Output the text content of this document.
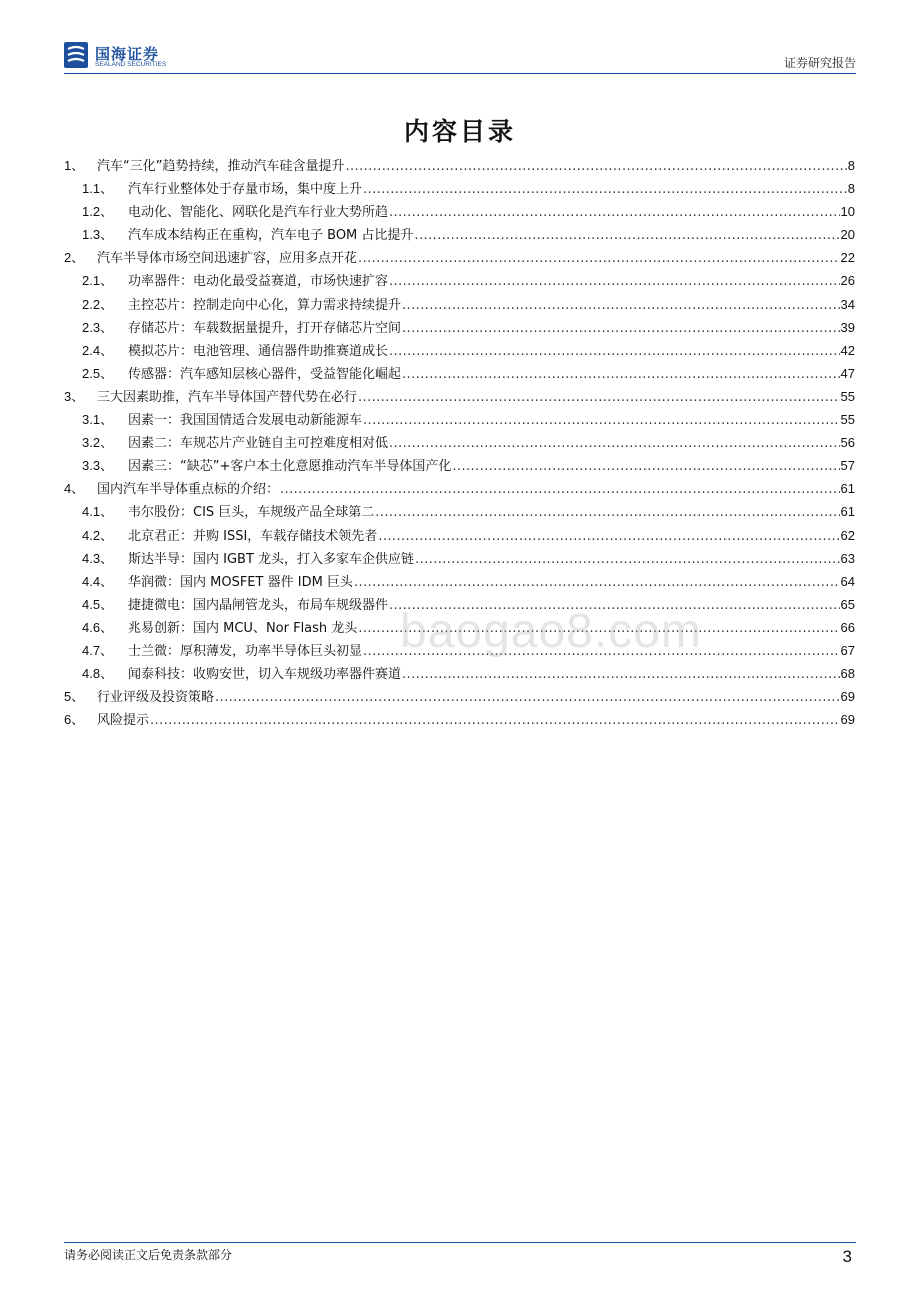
国海证券
SEALAND SECURITIES	证券研究报告
内容目录
1、 汽车“三化”趋势持续，推动汽车硅含量提升 .....	8
1.1、	汽车行业整体处于存量市场，集中度上升 .....	8
1.2、	电动化、智能化、网联化是汽车行业大势所趋 .....	10
1.3、	汽车成本结构正在重构，汽车电子 BOM 占比提升 .....	20
2、 汽车半导体市场空间迅速扩容，应用多点开花 .....	22
2.1、	功率器件：电动化最受益赛道，市场快速扩容 .....	26
2.2、	主控芯片：控制走向中心化，算力需求持续提升 .....	34
2.3、	存储芯片：车载数据量提升，打开存储芯片空间 .....	39
2.4、	模拟芯片：电池管理、通信器件助推赛道成长 .....	42
2.5、	传感器：汽车感知层核心器件，受益智能化崛起 .....	47
3、 三大因素助推，汽车半导体国产替代势在必行 .....	55
3.1、	因素一：我国国情适合发展电动新能源车 .....	55
3.2、	因素二：车规芯片产业链自主可控难度相对低 .....	56
3.3、	因素三：“缺芯”+客户本土化意愿推动汽车半导体国产化 .....	57
4、 国内汽车半导体重点标的介绍： .....	61
4.1、	韦尔股份：CIS 巨头，车规级产品全球第二 .....	61
4.2、	北京君正：并购 ISSI，车载存储技术领先者 .....	62
4.3、	斯达半导：国内 IGBT 龙头，打入多家车企供应链 .....	63
4.4、	华润微：国内 MOSFET 器件 IDM 巨头 .....	64
4.5、	捷捷微电：国内晶闸管龙头，布局车规级器件 .....	65
4.6、	兆易创新：国内 MCU、Nor Flash 龙头 .....	66
4.7、	士兰微：厚积薄发，功率半导体巨头初显 .....	67
4.8、	闻泰科技：收购安世，切入车规级功率器件赛道 .....	68
5、 行业评级及投资策略 .....	69
6、 风险提示 .....	69
baogao8.com
请务必阅读正文后免责条款部分	3
